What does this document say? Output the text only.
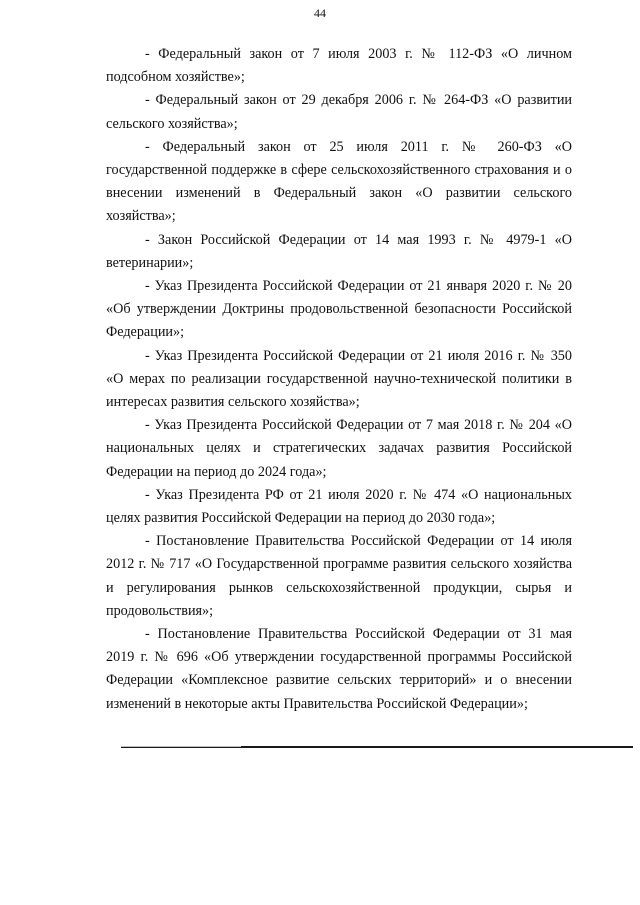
44

- Федеральный закон от 7 июля 2003 г. № 112-ФЗ «О личном подсобном хозяйстве»;

- Федеральный закон от 29 декабря 2006 г. № 264-ФЗ «О развитии сельского хозяйства»;

- Федеральный закон от 25 июля 2011 г. № 260-ФЗ «О государственной поддержке в сфере сельскохозяйственного страхования и о внесении изменений в Федеральный закон «О развитии сельского хозяйства»;

- Закон Российской Федерации от 14 мая 1993 г. № 4979-1 «О ветеринарии»;

- Указ Президента Российской Федерации от 21 января 2020 г. № 20 «Об утверждении Доктрины продовольственной безопасности Российской Федерации»;

- Указ Президента Российской Федерации от 21 июля 2016 г. № 350 «О мерах по реализации государственной научно-технической политики в интересах развития сельского хозяйства»;

- Указ Президента Российской Федерации от 7 мая 2018 г. № 204 «О национальных целях и стратегических задачах развития Российской Федерации на период до 2024 года»;

- Указ Президента РФ от 21 июля 2020 г. № 474 «О национальных целях развития Российской Федерации на период до 2030 года»;

- Постановление Правительства Российской Федерации от 14 июля 2012 г. № 717 «О Государственной программе развития сельского хозяйства и регулирования рынков сельскохозяйственной продукции, сырья и продовольствия»;

- Постановление Правительства Российской Федерации от 31 мая 2019 г. № 696 «Об утверждении государственной программы Российской Федерации «Комплексное развитие сельских территорий» и о внесении изменений в некоторые акты Правительства Российской Федерации»;
